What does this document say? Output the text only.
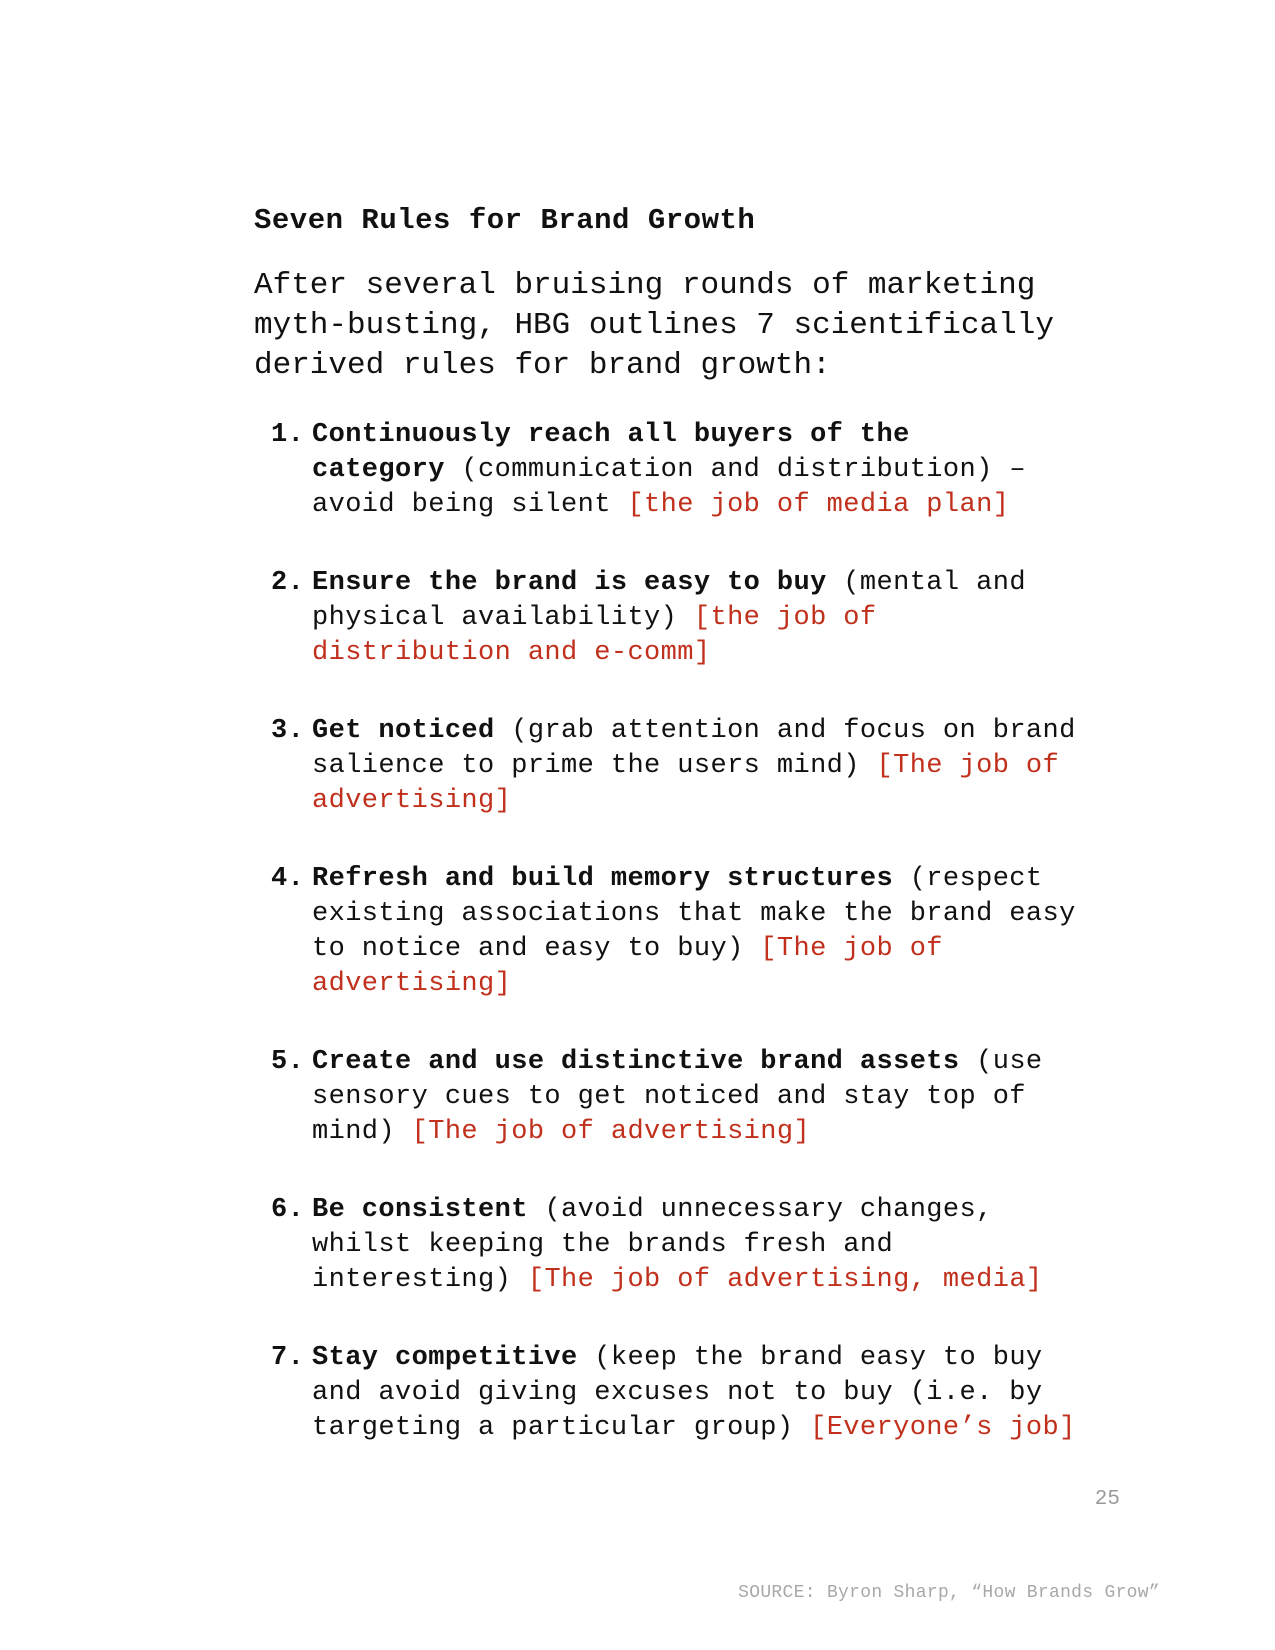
Seven Rules for Brand Growth

After several bruising rounds of marketing
myth-busting, HBG outlines 7 scientifically
derived rules for brand growth:

1. Continuously reach all buyers of the
category (communication and distribution) –
avoid being silent [the job of media plan]
2. Ensure the brand is easy to buy (mental and
physical availability) [the job of
distribution and e-comm]
3. Get noticed (grab attention and focus on brand
salience to prime the users mind) [The job of
advertising]
4. Refresh and build memory structures (respect
existing associations that make the brand easy
to notice and easy to buy) [The job of
advertising]
5. Create and use distinctive brand assets (use
sensory cues to get noticed and stay top of
mind) [The job of advertising]
6. Be consistent (avoid unnecessary changes,
whilst keeping the brands fresh and
interesting) [The job of advertising, media]
7. Stay competitive (keep the brand easy to buy
and avoid giving excuses not to buy (i.e. by
targeting a particular group) [Everyone’s job]
25
SOURCE: Byron Sharp, “How Brands Grow”
